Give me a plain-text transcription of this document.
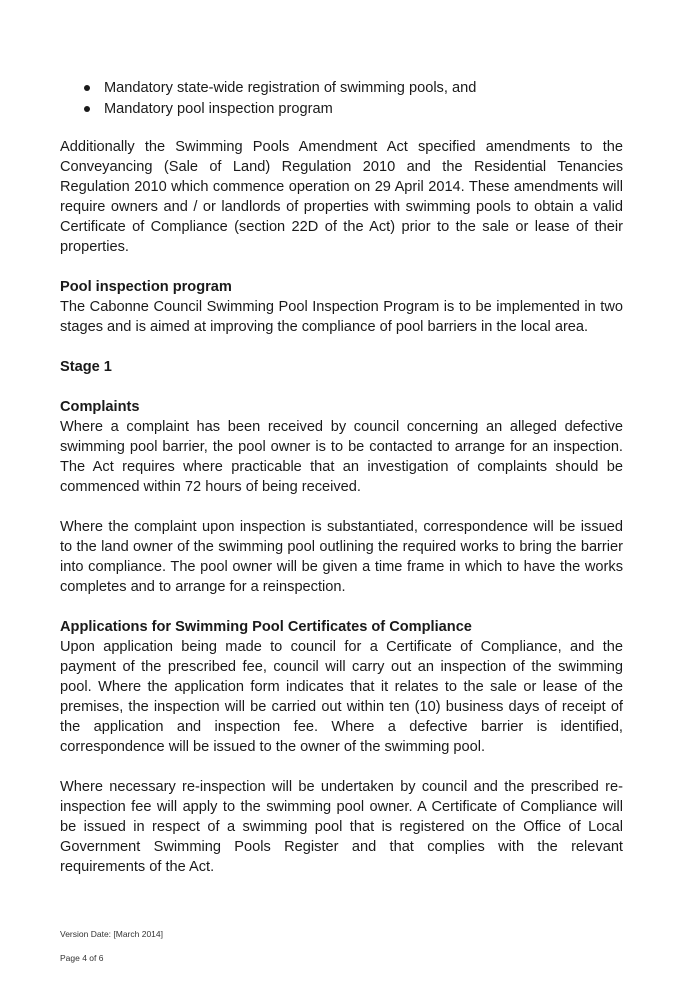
Mandatory state-wide registration of swimming pools, and
Mandatory pool inspection program

Additionally the Swimming Pools Amendment Act specified amendments to the Conveyancing (Sale of Land) Regulation 2010 and the Residential Tenancies Regulation 2010 which commence operation on 29 April 2014. These amendments will require owners and / or landlords of properties with swimming pools to obtain a valid Certificate of Compliance (section 22D of the Act) prior to the sale or lease of their properties.

Pool inspection program

The Cabonne Council Swimming Pool Inspection Program is to be implemented in two stages and is aimed at improving the compliance of pool barriers in the local area.

Stage 1
Complaints

Where a complaint has been received by council concerning an alleged defective swimming pool barrier, the pool owner is to be contacted to arrange for an inspection. The Act requires where practicable that an investigation of complaints should be commenced within 72 hours of being received.

Where the complaint upon inspection is substantiated, correspondence will be issued to the land owner of the swimming pool outlining the required works to bring the barrier into compliance. The pool owner will be given a time frame in which to have the works completes and to arrange for a reinspection.

Applications for Swimming Pool Certificates of Compliance

Upon application being made to council for a Certificate of Compliance, and the payment of the prescribed fee, council will carry out an inspection of the swimming pool. Where the application form indicates that it relates to the sale or lease of the premises, the inspection will be carried out within ten (10) business days of receipt of the application and inspection fee. Where a defective barrier is identified, correspondence will be issued to the owner of the swimming pool.

Where necessary re-inspection will be undertaken by council and the prescribed re-inspection fee will apply to the swimming pool owner. A Certificate of Compliance will be issued in respect of a swimming pool that is registered on the Office of Local Government Swimming Pools Register and that complies with the relevant requirements of the Act.

Version Date: [March 2014]
Page 4 of 6
